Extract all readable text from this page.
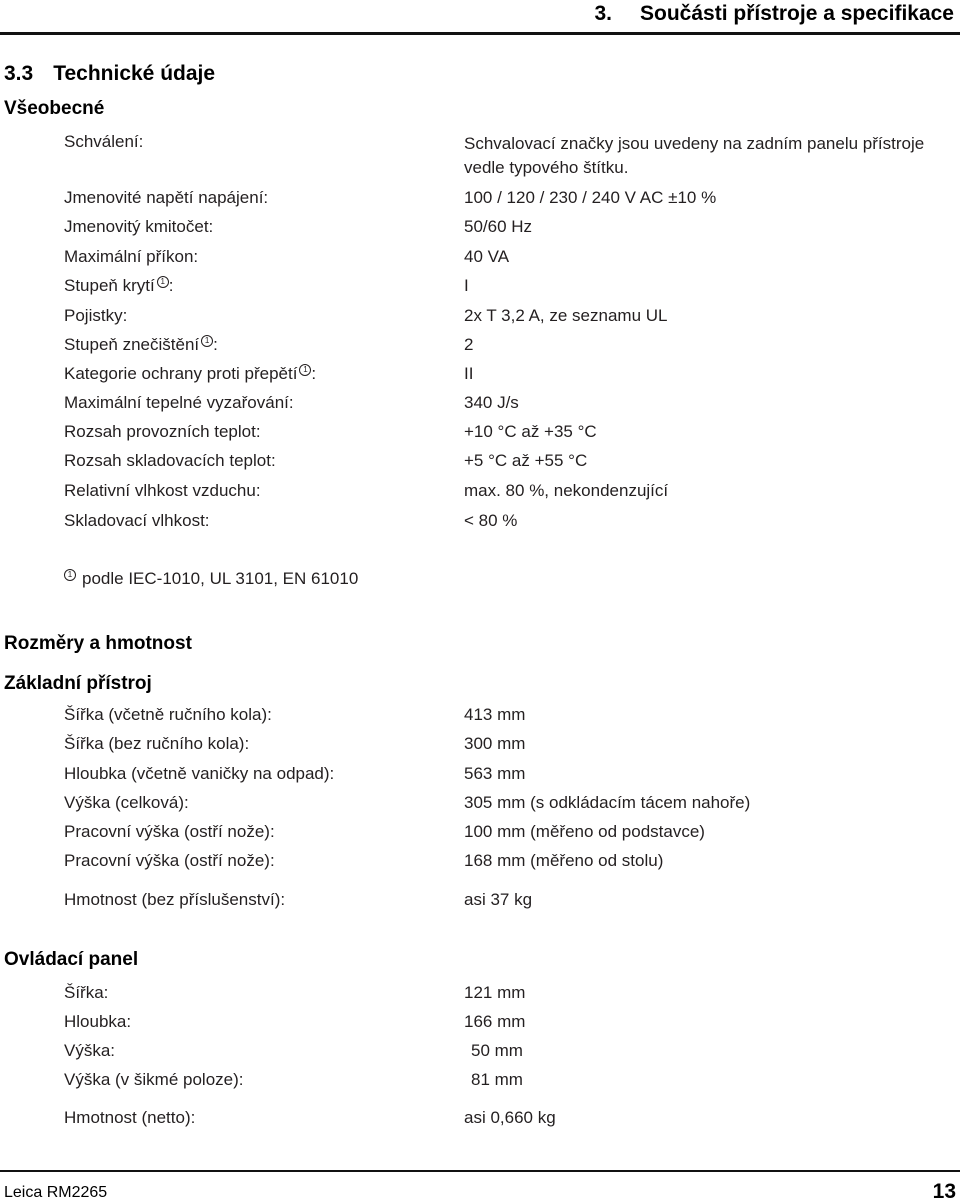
3. Součásti přístroje a specifikace
3.3 Technické údaje
Všeobecné
Schválení:	Schvalovací značky jsou uvedeny na zadním panelu přístroje vedle typového štítku.
Jmenovité napětí napájení:	100 / 120 / 230 / 240 V AC ±10 %
Jmenovitý kmitočet:	50/60 Hz
Maximální příkon:	40 VA
Stupeň krytí 1 :	I
Pojistky:	2x T 3,2 A, ze seznamu UL
Stupeň znečištění 1 :	2
Kategorie ochrany proti přepětí 1 :	II
Maximální tepelné vyzařování:	340 J/s
Rozsah provozních teplot:	+10 °C až +35 °C
Rozsah skladovacích teplot:	+5 °C až +55 °C
Relativní vlhkost vzduchu:	max. 80 %, nekondenzující
Skladovací vlhkost:	< 80 %
1 podle IEC-1010, UL 3101, EN 61010
Rozměry a hmotnost
Základní přístroj
Šířka (včetně ručního kola):	413 mm
Šířka (bez ručního kola):	300 mm
Hloubka (včetně vaničky na odpad):	563 mm
Výška (celková):	305 mm (s odkládacím tácem nahoře)
Pracovní výška (ostří nože):	100 mm (měřeno od podstavce)
Pracovní výška (ostří nože):	168 mm (měřeno od stolu)
Hmotnost (bez příslušenství):	asi 37 kg
Ovládací panel
Šířka:	121 mm
Hloubka:	166 mm
Výška:	50 mm
Výška (v šikmé poloze):	81 mm
Hmotnost (netto):	asi 0,660 kg
Leica RM2265	13
